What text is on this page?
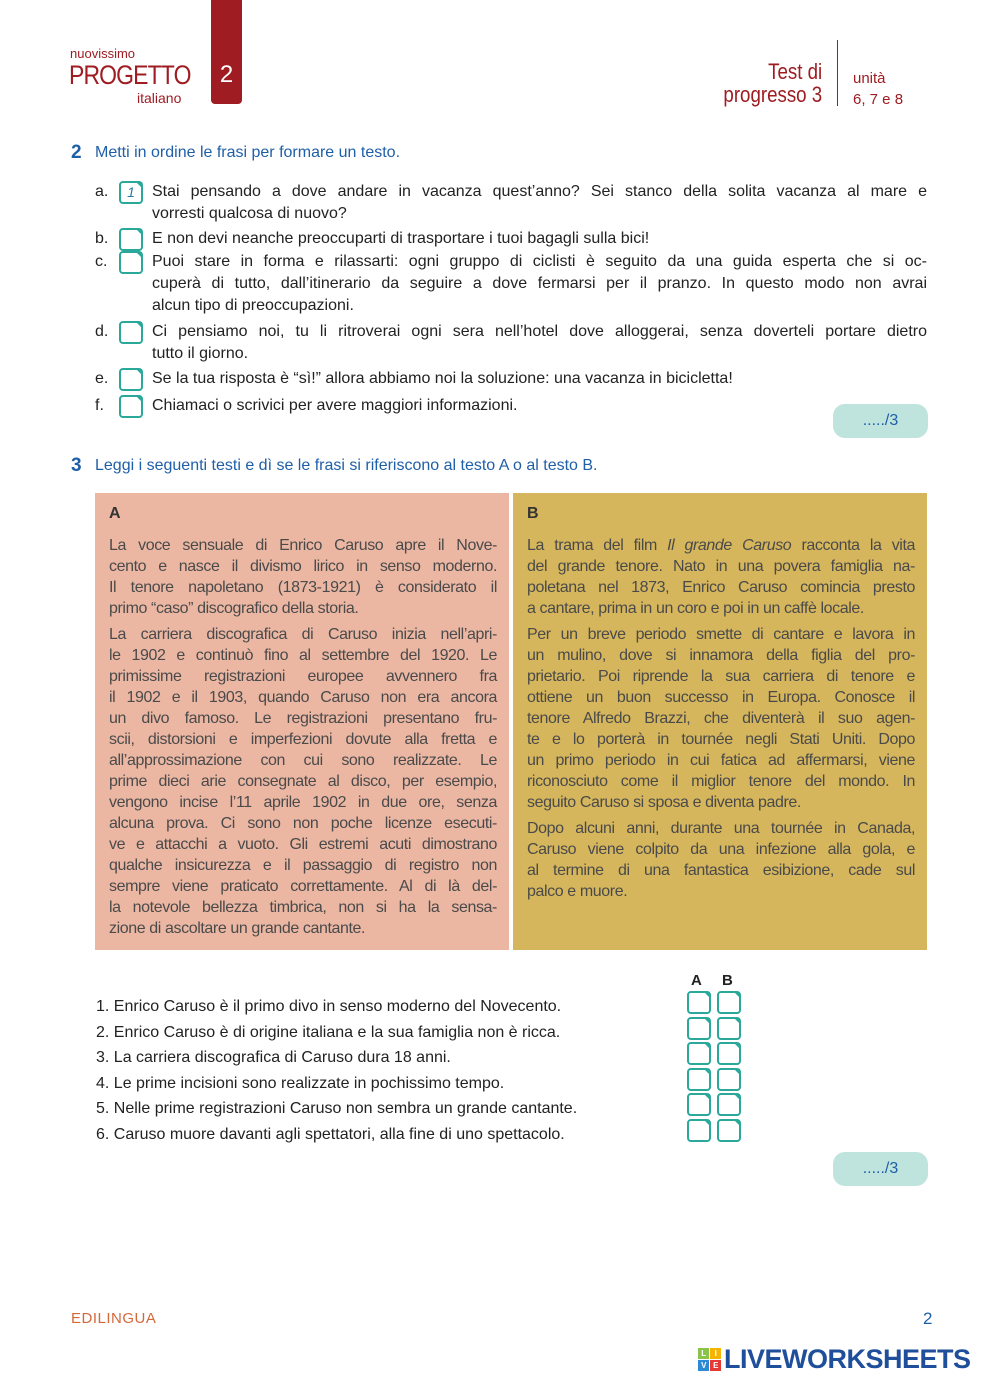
nuovissimo
PROGETTO
italiano
2	Test di
progresso 3
unità
6, 7 e 8
2 Metti in ordine le frasi per formare un testo.
a.	1	Stai pensando a dove andare in vacanza quest’anno? Sei stanco della solita vacanza al mare e
vorresti qualcosa di nuovo?
b.	E non devi neanche preoccuparti di trasportare i tuoi bagagli sulla bici!
c.	Puoi stare in forma e rilassarti: ogni gruppo di ciclisti è seguito da una guida esperta che si oc-
cuperà di tutto, dall’itinerario da seguire a dove fermarsi per il pranzo. In questo modo non avrai
alcun tipo di preoccupazioni.
d.	Ci pensiamo noi, tu li ritroverai ogni sera nell’hotel dove alloggerai, senza doverteli portare dietro
tutto il giorno.
e.	Se la tua risposta è “sì!” allora abbiamo noi la soluzione: una vacanza in bicicletta!
f.	Chiamaci o scrivici per avere maggiori informazioni.
...../3
3 Leggi i seguenti testi e dì se le frasi si riferiscono al testo A o al testo B.
A
La voce sensuale di Enrico Caruso apre il Nove-
cento e nasce il divismo lirico in senso moderno.
Il tenore napoletano (1873-1921) è considerato il
primo “caso” discografico della storia.
La carriera discografica di Caruso inizia nell’apri-
le 1902 e continuò fino al settembre del 1920. Le
primissime registrazioni europee avvennero fra
il 1902 e il 1903, quando Caruso non era ancora
un divo famoso. Le registrazioni presentano fru-
scii, distorsioni e imperfezioni dovute alla fretta e
all’approssimazione con cui sono realizzate. Le
prime dieci arie consegnate al disco, per esempio,
vengono incise l’11 aprile 1902 in due ore, senza
alcuna prova. Ci sono non poche licenze esecuti-
ve e attacchi a vuoto. Gli estremi acuti dimostrano
qualche insicurezza e il passaggio di registro non
sempre viene praticato correttamente. Al di là del-
la notevole bellezza timbrica, non si ha la sensa-
zione di ascoltare un grande cantante.
B
La trama del film Il grande Caruso racconta la vita
del grande tenore. Nato in una povera famiglia na-
poletana nel 1873, Enrico Caruso comincia presto
a cantare, prima in un coro e poi in un caffè locale.
Per un breve periodo smette di cantare e lavora in
un mulino, dove si innamora della figlia del pro-
prietario. Poi riprende la sua carriera di tenore e
ottiene un buon successo in Europa. Conosce il
tenore Alfredo Brazzi, che diventerà il suo agen-
te e lo porterà in tournée negli Stati Uniti. Dopo
un primo periodo in cui fatica ad affermarsi, viene
riconosciuto come il miglior tenore del mondo. In
seguito Caruso si sposa e diventa padre.
Dopo alcuni anni, durante una tournée in Canada,
Caruso viene colpito da una infezione alla gola, e
al termine di una fantastica esibizione, cade sul
palco e muore.
A B
1. Enrico Caruso è il primo divo in senso moderno del Novecento.
2. Enrico Caruso è di origine italiana e la sua famiglia non è ricca.
3. La carriera discografica di Caruso dura 18 anni.
4. Le prime incisioni sono realizzate in pochissimo tempo.
5. Nelle prime registrazioni Caruso non sembra un grande cantante.
6. Caruso muore davanti agli spettatori, alla fine di uno spettacolo.
...../3
EDILINGUA	2
L	I
V E LIVEWORKSHEETS
